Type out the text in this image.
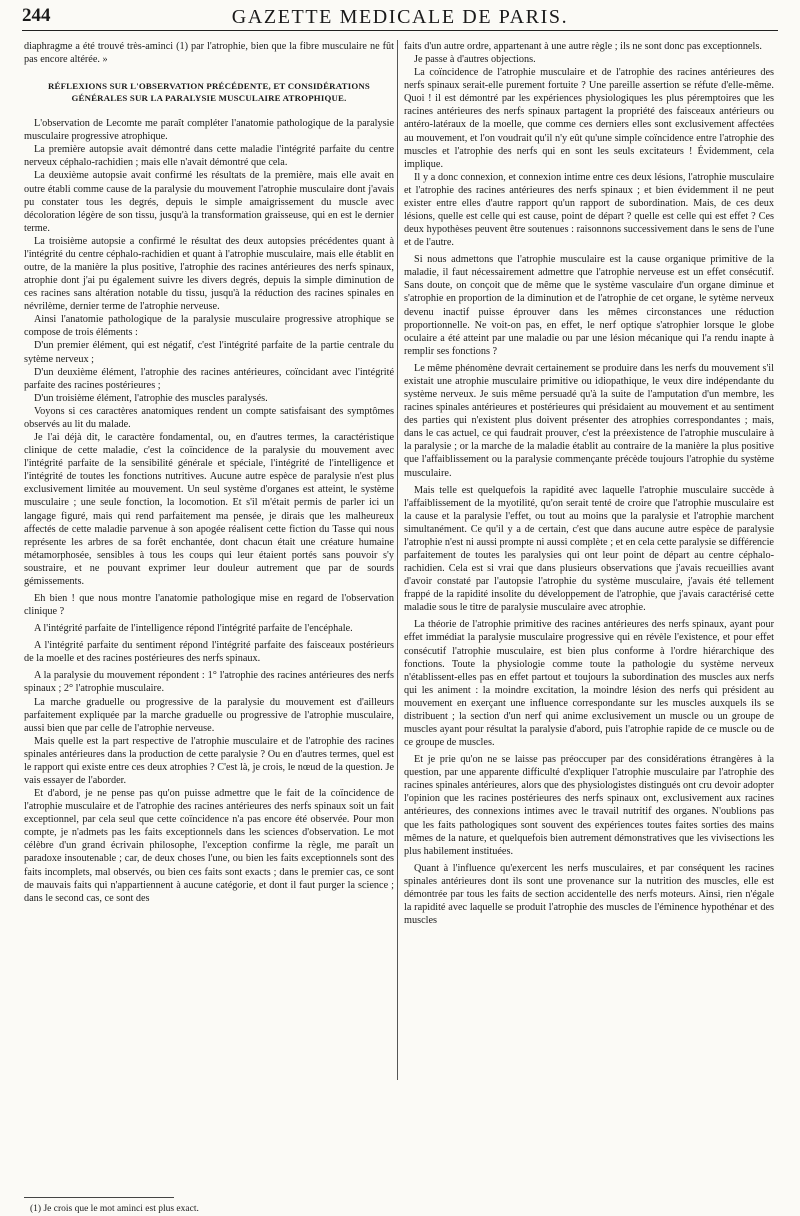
244	GAZETTE MEDICALE DE PARIS.

diaphragme a été trouvé très-aminci (1) par l'atrophie, bien que la fibre musculaire ne fût pas encore altérée. »

RÉFLEXIONS SUR L'OBSERVATION PRÉCÉDENTE, ET CONSIDÉRATIONS GÉNÉRALES SUR LA PARALYSIE MUSCULAIRE ATROPHIQUE.

L'observation de Lecomte me paraît compléter l'anatomie pathologique de la paralysie musculaire progressive atrophique.

La première autopsie avait démontré dans cette maladie l'intégrité parfaite du centre nerveux céphalo-rachidien ; mais elle n'avait démontré que cela.

La deuxième autopsie avait confirmé les résultats de la première, mais elle avait en outre établi comme cause de la paralysie du mouvement l'atrophie musculaire dont j'avais pu constater tous les degrés, depuis le simple amaigrissement du muscle avec décoloration légère de son tissu, jusqu'à la transformation graisseuse, qui en est le dernier terme.

La troisième autopsie a confirmé le résultat des deux autopsies précédentes quant à l'intégrité du centre céphalo-rachidien et quant à l'atrophie musculaire, mais elle établit en outre, de la manière la plus positive, l'atrophie des racines antérieures des nerfs spinaux, atrophie dont j'ai pu également suivre les divers degrés, depuis la simple diminution de ces racines sans altération notable du tissu, jusqu'à la réduction des racines spinales en névrilème, dernier terme de l'atrophie nerveuse.

Ainsi l'anatomie pathologique de la paralysie musculaire progressive atrophique se compose de trois éléments :

D'un premier élément, qui est négatif, c'est l'intégrité parfaite de la partie centrale du sytème nerveux ;

D'un deuxième élément, l'atrophie des racines antérieures, coïncidant avec l'intégrité parfaite des racines postérieures ;

D'un troisième élément, l'atrophie des muscles paralysés.

Voyons si ces caractères anatomiques rendent un compte satisfaisant des symptômes observés au lit du malade.

Je l'ai déjà dit, le caractère fondamental, ou, en d'autres termes, la caractéristique clinique de cette maladie, c'est la coïncidence de la paralysie du mouvement avec l'intégrité parfaite de la sensibilité générale et spéciale, l'intégrité de l'intelligence et l'intégrité de toutes les fonctions nutritives. Aucune autre espèce de paralysie n'est plus exclusivement limitée au mouvement. Un seul système d'organes est atteint, le système musculaire ; une seule fonction, la locomotion. Et s'il m'était permis de parler ici un langage figuré, mais qui rend parfaitement ma pensée, je dirais que les malheureux affectés de cette maladie parvenue à son apogée réalisent cette fiction du Tasse qui nous représente les arbres de sa forêt enchantée, dont chacun était une créature humaine métamorphosée, sensibles à tous les coups qui leur étaient portés sans pouvoir s'y soustraire, et ne pouvant exprimer leur douleur autrement que par de sourds gémissements.

Eh bien ! que nous montre l'anatomie pathologique mise en regard de l'observation clinique ?

A l'intégrité parfaite de l'intelligence répond l'intégrité parfaite de l'encéphale.

A l'intégrité parfaite du sentiment répond l'intégrité parfaite des faisceaux postérieurs de la moelle et des racines postérieures des nerfs spinaux.

A la paralysie du mouvement répondent : 1° l'atrophie des racines antérieures des nerfs spinaux ; 2° l'atrophie musculaire.

La marche graduelle ou progressive de la paralysie du mouvement est d'ailleurs parfaitement expliquée par la marche graduelle ou progressive de l'atrophie musculaire, aussi bien que par celle de l'atrophie nerveuse.

Mais quelle est la part respective de l'atrophie musculaire et de l'atrophie des racines spinales antérieures dans la production de cette paralysie ? Ou en d'autres termes, quel est le rapport qui existe entre ces deux atrophies ? C'est là, je crois, le nœud de la question. Je vais essayer de l'aborder.

Et d'abord, je ne pense pas qu'on puisse admettre que le fait de la coïncidence de l'atrophie musculaire et de l'atrophie des racines antérieures des nerfs spinaux soit un fait exceptionnel, par cela seul que cette coïncidence n'a pas encore été observée. Pour mon compte, je n'admets pas les faits exceptionnels dans les sciences d'observation. Le mot célèbre d'un grand écrivain philosophe, l'exception confirme la règle, me paraît un paradoxe insoutenable ; car, de deux choses l'une, ou bien les faits exceptionnels sont des faits incomplets, mal observés, ou bien ces faits sont exacts ; dans le premier cas, ce sont de mauvais faits qui n'appartiennent à aucune catégorie, et dont il faut purger la science ; dans le second cas, ce sont des

(1) Je crois que le mot aminci est plus exact.

faits d'un autre ordre, appartenant à une autre règle ; ils ne sont donc pas exceptionnels.

Je passe à d'autres objections.

La coïncidence de l'atrophie musculaire et de l'atrophie des racines antérieures des nerfs spinaux serait-elle purement fortuite ? Une pareille assertion se réfute d'elle-même. Quoi ! il est démontré par les expériences physiologiques les plus péremptoires que les racines antérieures des nerfs spinaux partagent la propriété des faisceaux antérieurs ou antéro-latéraux de la moelle, que comme ces derniers elles sont exclusivement affectées au mouvement, et l'on voudrait qu'il n'y eût qu'une simple coïncidence entre l'atrophie des muscles et l'atrophie des nerfs qui en sont les seuls excitateurs ! Évidemment, cela implique.

Il y a donc connexion, et connexion intime entre ces deux lésions, l'atrophie musculaire et l'atrophie des racines antérieures des nerfs spinaux ; et bien évidemment il ne peut exister entre elles d'autre rapport qu'un rapport de subordination. Mais, de ces deux lésions, quelle est celle qui est cause, point de départ ? quelle est celle qui est effet ? Ces deux hypothèses peuvent être soutenues : raisonnons successivement dans le sens de l'une et de l'autre.

Si nous admettons que l'atrophie musculaire est la cause organique primitive de la maladie, il faut nécessairement admettre que l'atrophie nerveuse est un effet consécutif. Sans doute, on conçoit que de même que le système vasculaire d'un organe diminue et s'atrophie en proportion de la diminution et de l'atrophie de cet organe, le sytème nerveux devenu inactif puisse éprouver dans les mêmes circonstances une réduction proportionnelle. Ne voit-on pas, en effet, le nerf optique s'atrophier lorsque le globe oculaire a été atteint par une maladie ou par une lésion mécanique qui l'a rendu inapte à remplir ses fonctions ?

Le même phénomène devrait certainement se produire dans les nerfs du mouvement s'il existait une atrophie musculaire primitive ou idiopathique, le veux dire indépendante du système nerveux. Je suis même persuadé qu'à la suite de l'amputation d'un membre, les racines spinales antérieures et postérieures qui présidaient au mouvement et au sentiment des parties qui n'existent plus doivent présenter des atrophies correspondantes ; mais, dans le cas actuel, ce qui faudrait prouver, c'est la préexistence de l'atrophie musculaire à la paralysie ; or la marche de la maladie établit au contraire de la manière la plus positive que l'affaiblissement ou la paralysie commençante précède toujours l'atrophie du système musculaire.

Mais telle est quelquefois la rapidité avec laquelle l'atrophie musculaire succède à l'affaiblissement de la myotilité, qu'on serait tenté de croire que l'atrophie musculaire est la cause et la paralysie l'effet, ou tout au moins que la paralysie et l'atrophie marchent simultanément. Ce qu'il y a de certain, c'est que dans aucune autre espèce de paralysie l'atrophie n'est ni aussi prompte ni aussi complète ; et en cela cette paralysie se différencie parfaitement de toutes les paralysies qui ont leur point de départ au centre céphalo-rachidien. Cela est si vrai que dans plusieurs observations que j'avais recueillies avant d'avoir constaté par l'autopsie l'atrophie du système musculaire, j'avais été tellement frappé de la rapidité insolite du développement de l'atrophie, que j'avais caractérisé cette maladie sous le titre de paralysie musculaire avec atrophie.

La théorie de l'atrophie primitive des racines antérieures des nerfs spinaux, ayant pour effet immédiat la paralysie musculaire progressive qui en révèle l'existence, et pour effet consécutif l'atrophie musculaire, est bien plus conforme à l'ordre hiérarchique des fonctions. Toute la physiologie comme toute la pathologie du système nerveux n'établissent-elles pas en effet partout et toujours la subordination des muscles aux nerfs qui les animent : la moindre excitation, la moindre lésion des nerfs qui président au mouvement en exerçant une influence correspondante sur les muscles auxquels ils se distribuent ; la section d'un nerf qui anime exclusivement un muscle ou un groupe de muscles ayant pour résultat la paralysie d'abord, puis l'atrophie rapide de ce muscle ou de ce groupe de muscles.

Et je prie qu'on ne se laisse pas préoccuper par des considérations étrangères à la question, par une apparente difficulté d'expliquer l'atrophie musculaire par l'atrophie des racines spinales antérieures, alors que des physiologistes distingués ont cru devoir adopter l'opinion que les racines postérieures des nerfs spinaux ont, exclusivement aux racines antérieures, des connexions intimes avec le travail nutritif des organes. N'oublions pas que les faits pathologiques sont souvent des expériences toutes faites sorties des mains mêmes de la nature, et quelquefois bien autrement démonstratives que les vivisections les plus habilement instituées.

Quant à l'influence qu'exercent les nerfs musculaires, et par conséquent les racines spinales antérieures dont ils sont une provenance sur la nutrition des muscles, elle est démontrée par tous les faits de section accidentelle des nerfs moteurs. Ainsi, rien n'égale la rapidité avec laquelle se produit l'atrophie des muscles de l'éminence hypothénar et des muscles
